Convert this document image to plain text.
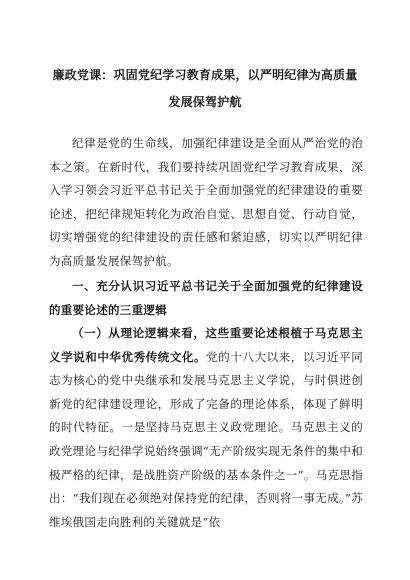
廉政党课：巩固党纪学习教育成果，以严明纪律为高质量
发展保驾护航
纪律是党的生命线，加强纪律建设是全面从严治党的治本之策。在新时代，我们要持续巩固党纪学习教育成果，深入学习领会习近平总书记关于全面加强党的纪律建设的重要论述，把纪律规矩转化为政治自觉、思想自觉、行动自觉，切实增强党的纪律建设的责任感和紧迫感，切实以严明纪律为高质量发展保驾护航。
一、充分认识习近平总书记关于全面加强党的纪律建设的重要论述的三重逻辑
（一）从理论逻辑来看，这些重要论述根植于马克思主义学说和中华优秀传统文化。党的十八大以来，以习近平同志为核心的党中央继承和发展马克思主义学说，与时俱进创新党的纪律建设理论，形成了完备的理论体系，体现了鲜明的时代特征。一是坚持马克思主义政党理论。马克思主义的政党理论与纪律学说始终强调“无产阶级实现无条件的集中和极严格的纪律，是战胜资产阶级的基本条件之一”。马克思指出：“我们现在必须绝对保持党的纪律，否则将一事无成。”苏维埃俄国走向胜利的关键就是“依
